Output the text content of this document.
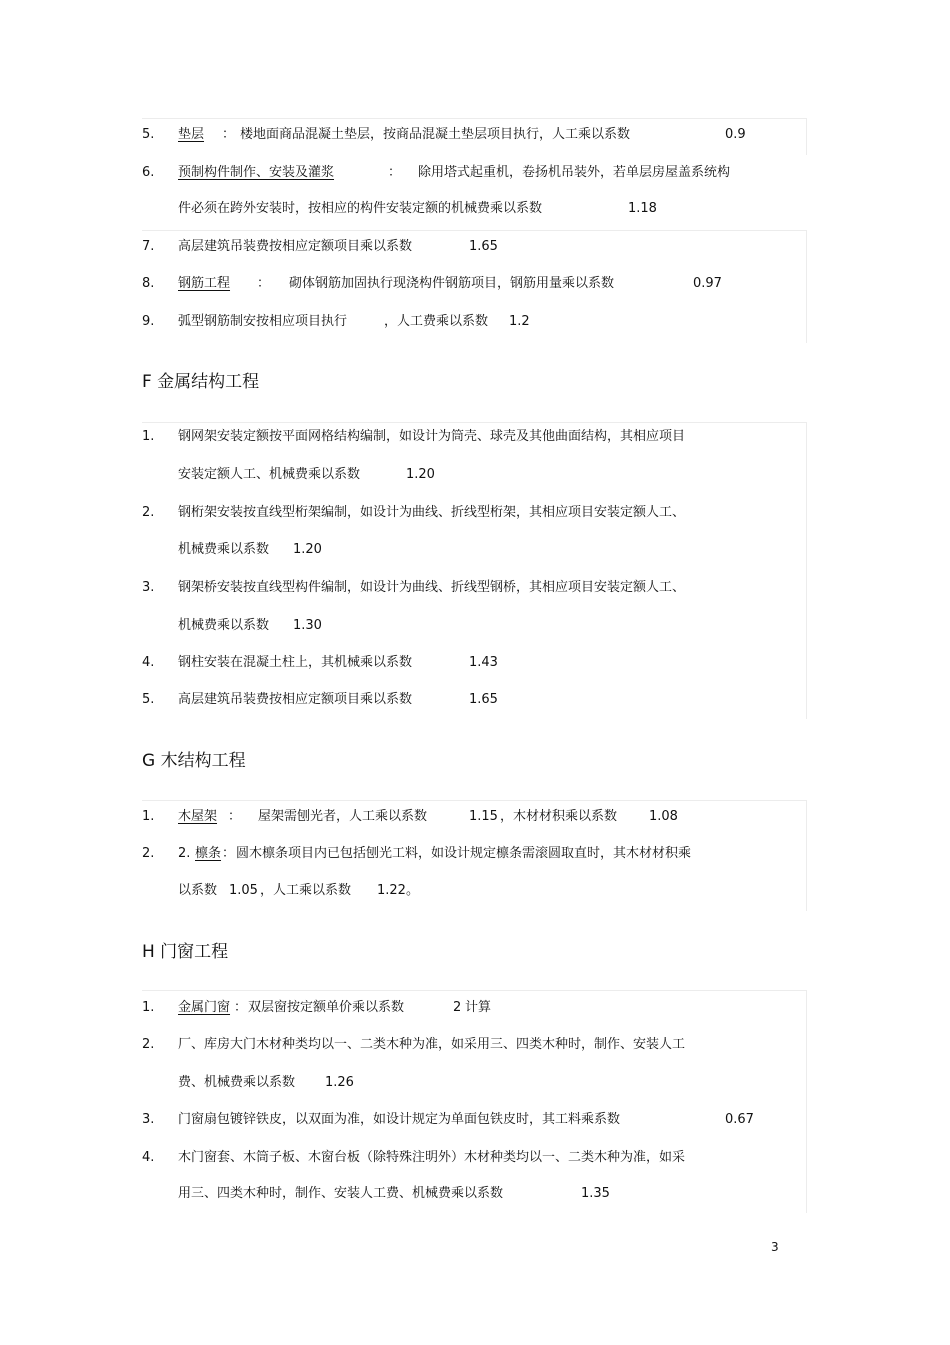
5. 垫层 ： 楼地面商品混凝土垫层，按商品混凝土垫层项目执行，人工乘以系数	0.9
6. 预制构件制作、安装及灌浆	： 除用塔式起重机，卷扬机吊装外，若单层房屋盖系统构
件必须在跨外安装时，按相应的构件安装定额的机械费乘以系数	1.18
7. 高层建筑吊装费按相应定额项目乘以系数	1.65
8. 钢筋工程 ： 砌体钢筋加固执行现浇构件钢筋项目，钢筋用量乘以系数	0.97
9. 弧型钢筋制安按相应项目执行	，人工费乘以系数 1.2
F 金属结构工程
1. 钢网架安装定额按平面网格结构编制，如设计为筒壳、球壳及其他曲面结构，其相应项目
安装定额人工、机械费乘以系数	1.20
2. 钢桁架安装按直线型桁架编制，如设计为曲线、折线型桁架，其相应项目安装定额人工、
机械费乘以系数 1.20
3. 钢架桥安装按直线型构件编制，如设计为曲线、折线型钢桥，其相应项目安装定额人工、
机械费乘以系数 1.30
4. 钢柱安装在混凝土柱上，其机械乘以系数	1.43
5. 高层建筑吊装费按相应定额项目乘以系数	1.65
G 木结构工程
1. 木屋架 ： 屋架需刨光者，人工乘以系数	1.15 ，木材材积乘以系数 1.08
2. 2. 檩条 ： 圆木檩条项目内已包括刨光工料，如设计规定檩条需滚圆取直时，其木材材积乘
以系数 1.05 ，人工乘以系数 1.22 。
H 门窗工程
1. 金属门窗 ： 双层窗按定额单价乘以系数	2 计算
2. 厂、库房大门木材种类均以一、二类木种为准，如采用三、四类木种时，制作、安装人工
费、机械费乘以系数 1.26
3. 门窗扇包镀锌铁皮，以双面为准，如设计规定为单面包铁皮时，其工料乘系数	0.67
4. 木门窗套、木筒子板、木窗台板（除特殊注明外）木材种类均以一、二类木种为准，如采
用三、四类木种时，制作、安装人工费、机械费乘以系数	1.35
3
